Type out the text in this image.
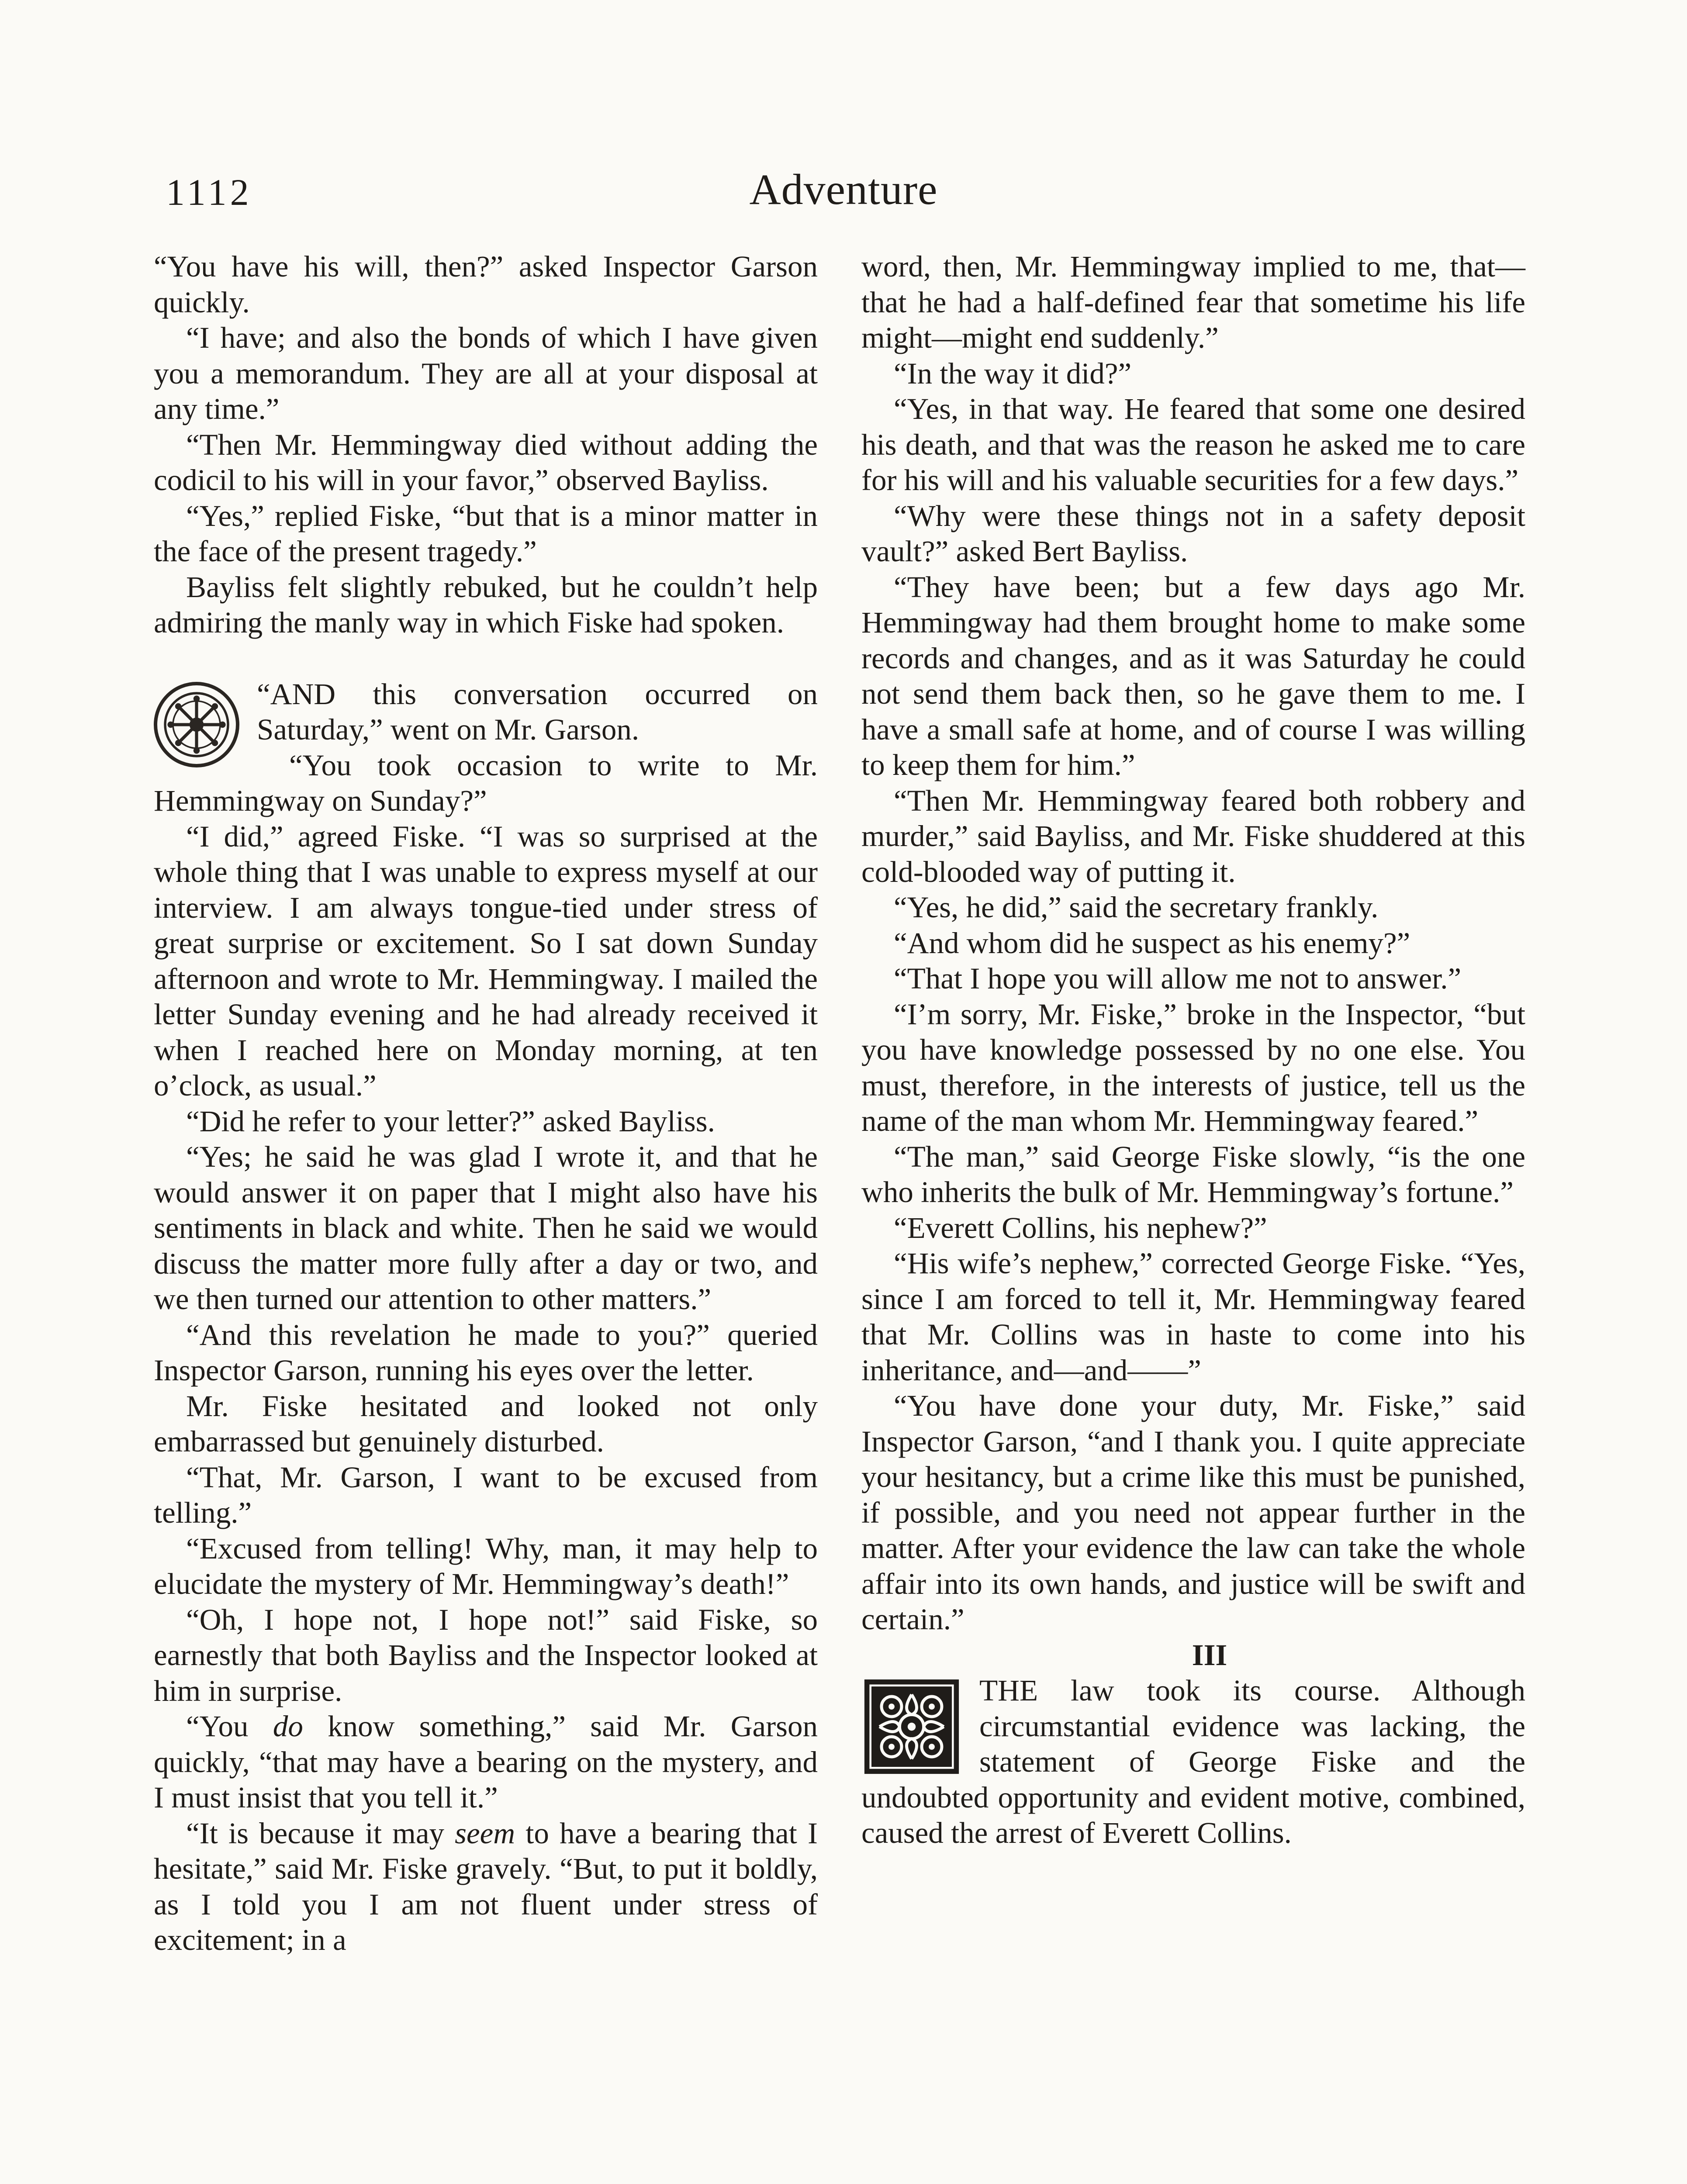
1112	Adventure

“You have his will, then?” asked Inspector Garson quickly.

“I have; and also the bonds of which I have given you a memorandum. They are all at your disposal at any time.”

“Then Mr. Hemmingway died without adding the codicil to his will in your favor,” observed Bayliss.

“Yes,” replied Fiske, “but that is a minor matter in the face of the present tragedy.”

Bayliss felt slightly rebuked, but he couldn’t help admiring the manly way in which Fiske had spoken.

“AND this conversation occurred on Saturday,” went on Mr. Garson.

“You took occasion to write to Mr. Hemmingway on Sunday?”

“I did,” agreed Fiske. “I was so surprised at the whole thing that I was unable to express myself at our interview. I am always tongue-tied under stress of great surprise or excitement. So I sat down Sunday afternoon and wrote to Mr. Hemmingway. I mailed the letter Sunday evening and he had already received it when I reached here on Monday morning, at ten o’clock, as usual.”

“Did he refer to your letter?” asked Bayliss.

“Yes; he said he was glad I wrote it, and that he would answer it on paper that I might also have his sentiments in black and white. Then he said we would discuss the matter more fully after a day or two, and we then turned our attention to other matters.”

“And this revelation he made to you?” queried Inspector Garson, running his eyes over the letter.

Mr. Fiske hesitated and looked not only embarrassed but genuinely disturbed.

“That, Mr. Garson, I want to be excused from telling.”

“Excused from telling! Why, man, it may help to elucidate the mystery of Mr. Hemmingway’s death!”

“Oh, I hope not, I hope not!” said Fiske, so earnestly that both Bayliss and the Inspector looked at him in surprise.

“You do know something,” said Mr. Garson quickly, “that may have a bearing on the mystery, and I must insist that you tell it.”

“It is because it may seem to have a bearing that I hesitate,” said Mr. Fiske gravely. “But, to put it boldly, as I told you I am not fluent under stress of excitement; in a

word, then, Mr. Hemmingway implied to me, that—that he had a half-defined fear that sometime his life might—might end suddenly.”

“In the way it did?”

“Yes, in that way. He feared that some one desired his death, and that was the reason he asked me to care for his will and his valuable securities for a few days.”

“Why were these things not in a safety deposit vault?” asked Bert Bayliss.

“They have been; but a few days ago Mr. Hemmingway had them brought home to make some records and changes, and as it was Saturday he could not send them back then, so he gave them to me. I have a small safe at home, and of course I was willing to keep them for him.”

“Then Mr. Hemmingway feared both robbery and murder,” said Bayliss, and Mr. Fiske shuddered at this cold-blooded way of putting it.

“Yes, he did,” said the secretary frankly.

“And whom did he suspect as his enemy?”

“That I hope you will allow me not to answer.”

“I’m sorry, Mr. Fiske,” broke in the Inspector, “but you have knowledge possessed by no one else. You must, therefore, in the interests of justice, tell us the name of the man whom Mr. Hemmingway feared.”

“The man,” said George Fiske slowly, “is the one who inherits the bulk of Mr. Hemmingway’s fortune.”

“Everett Collins, his nephew?”

“His wife’s nephew,” corrected George Fiske. “Yes, since I am forced to tell it, Mr. Hemmingway feared that Mr. Collins was in haste to come into his inheritance, and—and——”

“You have done your duty, Mr. Fiske,” said Inspector Garson, “and I thank you. I quite appreciate your hesitancy, but a crime like this must be punished, if possible, and you need not appear further in the matter. After your evidence the law can take the whole affair into its own hands, and justice will be swift and certain.”

III

THE law took its course. Although circumstantial evidence was lacking, the statement of George Fiske and the undoubted opportunity and evident motive, combined, caused the arrest of Everett Collins.
